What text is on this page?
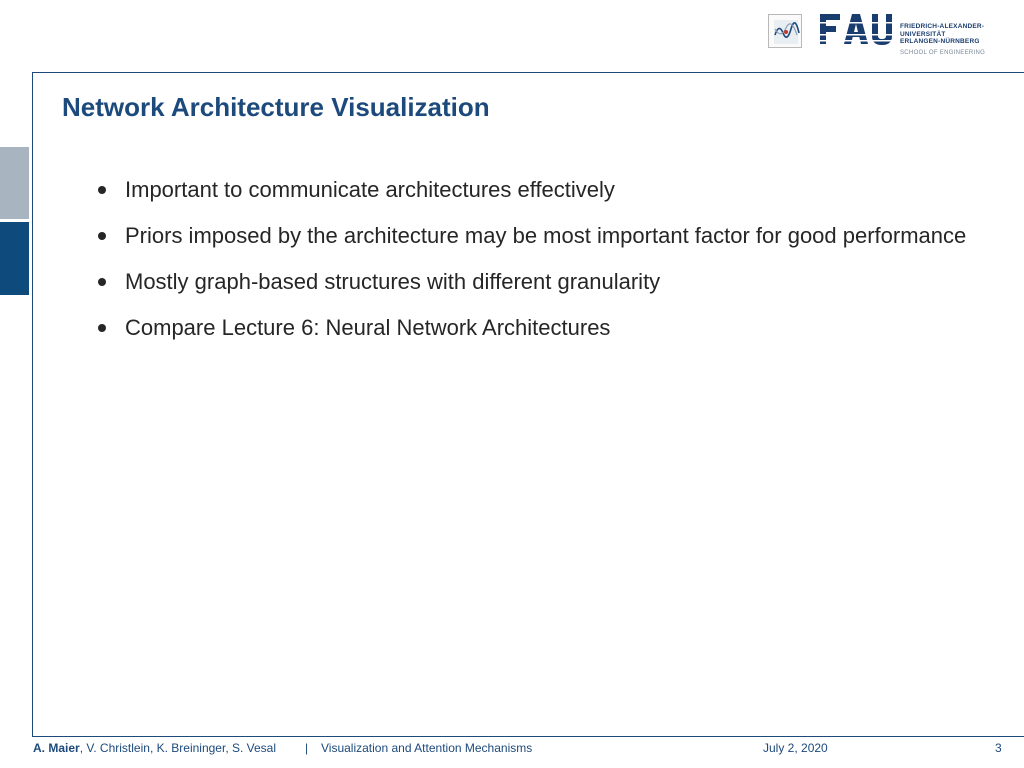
FRIEDRICH-ALEXANDER-
UNIVERSITÄT
ERLANGEN-NÜRNBERG
SCHOOL OF ENGINEERING
Network Architecture Visualization
Important to communicate architectures effectively
Priors imposed by the architecture may be most important factor for good performance
Mostly graph-based structures with different granularity
Compare Lecture 6: Neural Network Architectures
A. Maier, V. Christlein, K. Breininger, S. Vesal | Visualization and Attention Mechanisms	July 2, 2020	3
